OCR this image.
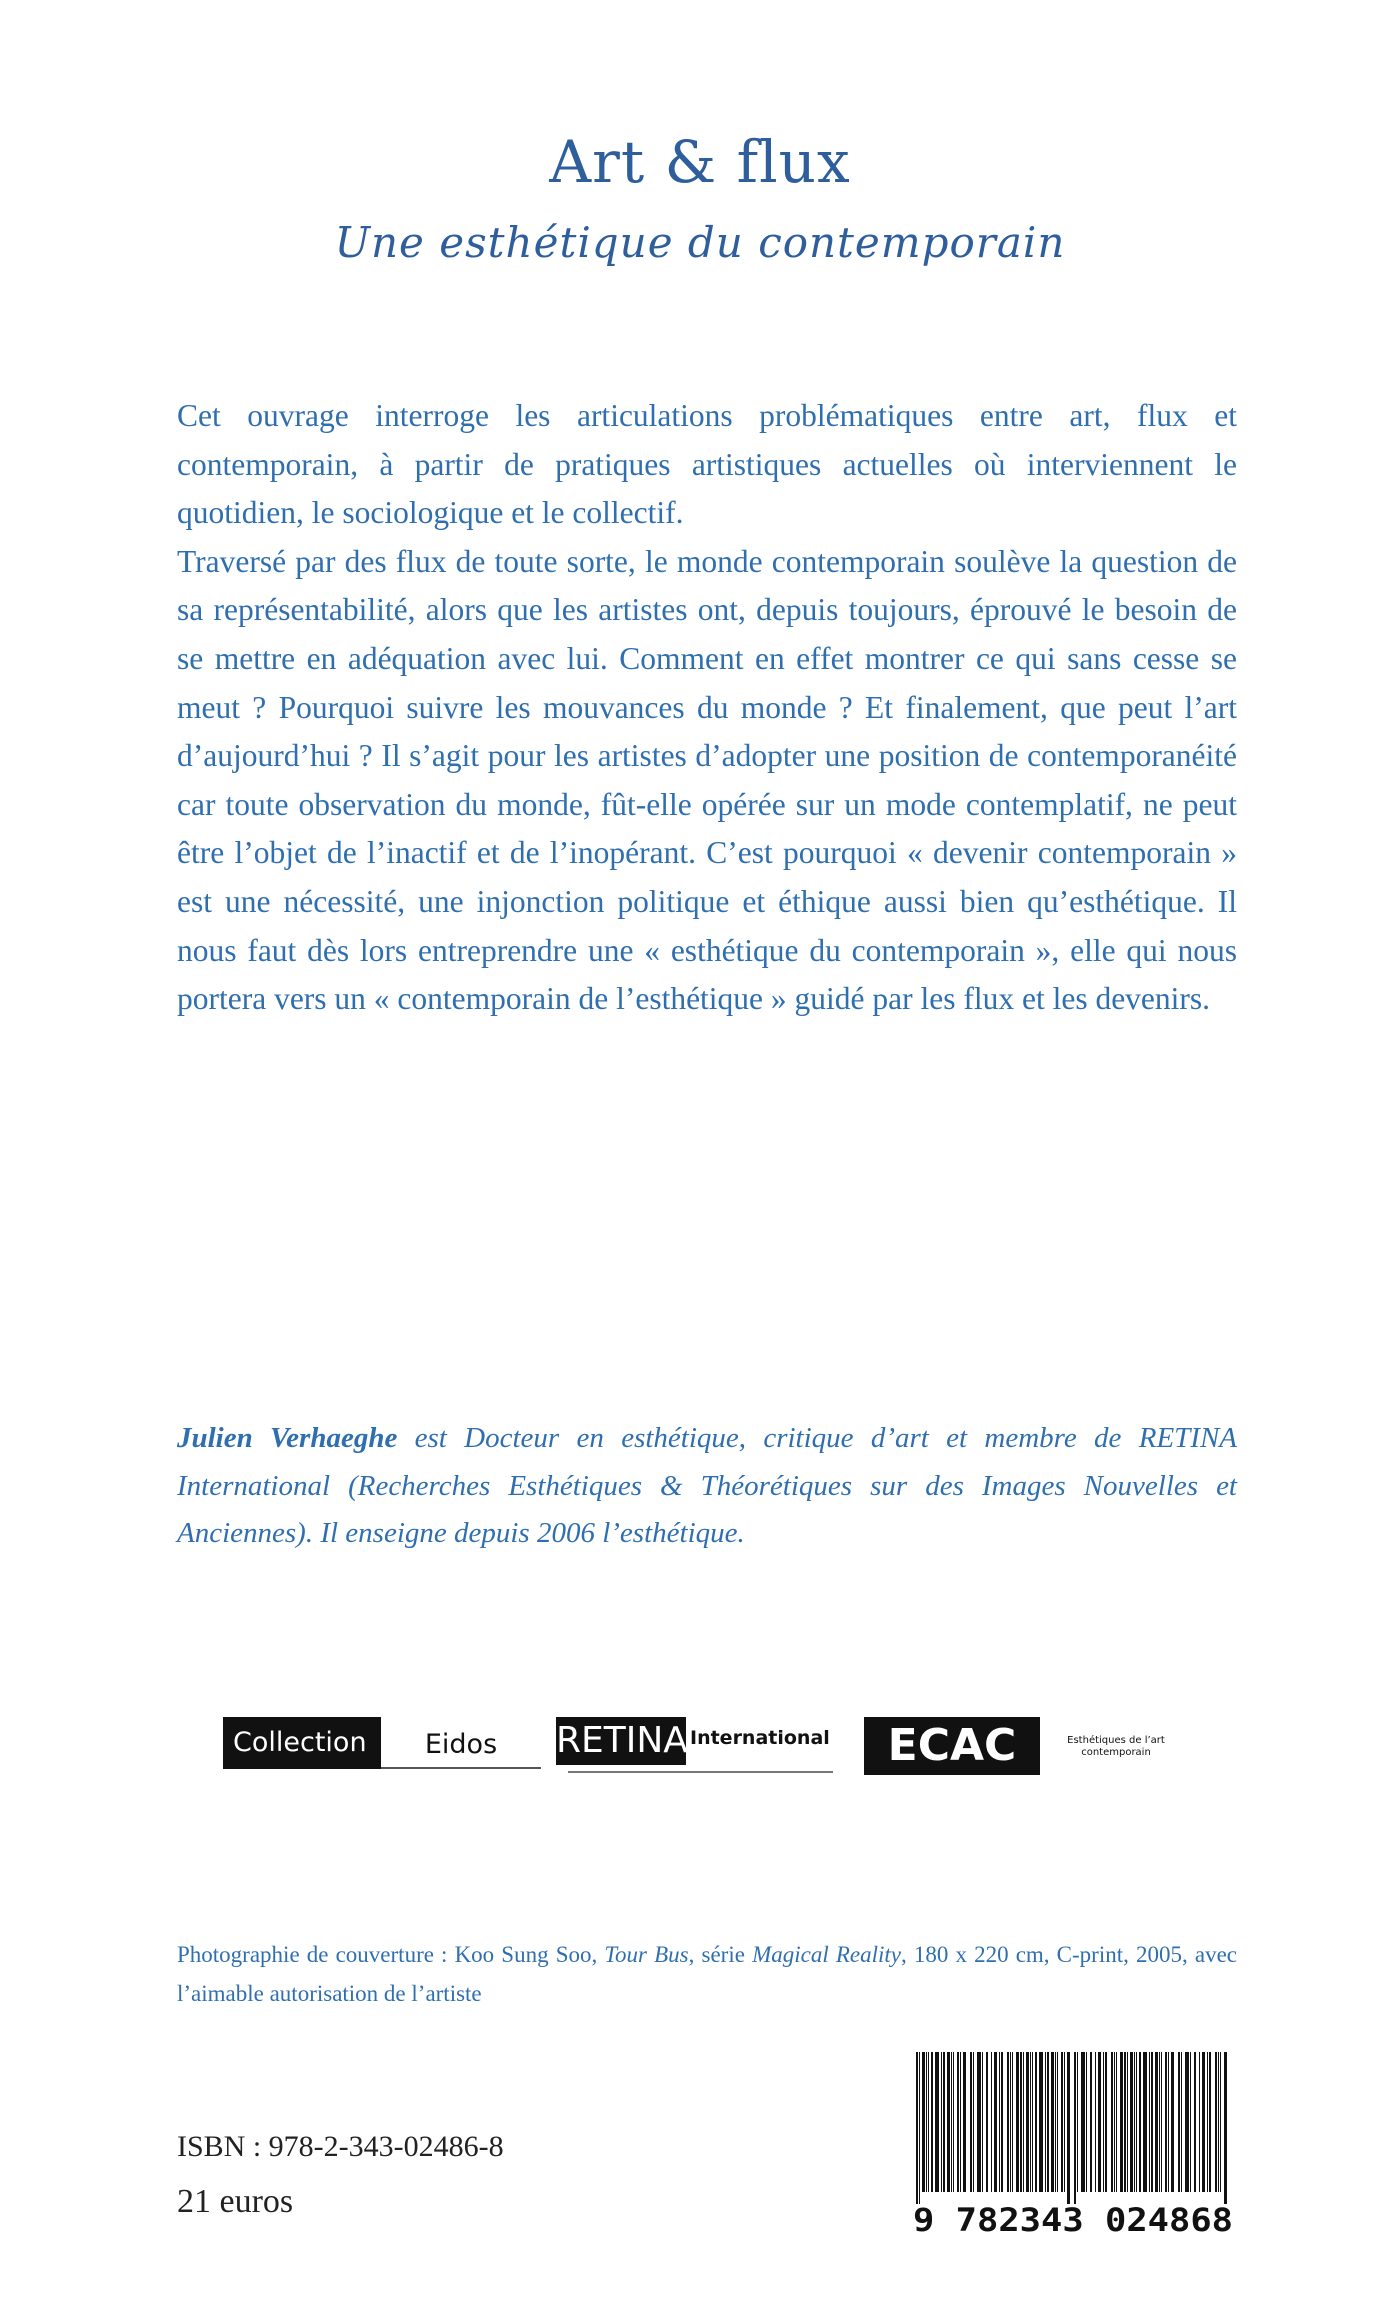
Art & flux
Une esthétique du contemporain

Cet ouvrage interroge les articulations problématiques entre art, flux et contemporain, à partir de pratiques artistiques actuelles où interviennent le quotidien, le sociologique et le collectif.

Traversé par des flux de toute sorte, le monde contemporain soulève la question de sa représentabilité, alors que les artistes ont, depuis toujours, éprouvé le besoin de se mettre en adéquation avec lui. Comment en effet montrer ce qui sans cesse se meut ? Pourquoi suivre les mouvances du monde ? Et finalement, que peut l’art d’aujourd’hui ? Il s’agit pour les artistes d’adopter une position de contemporanéité car toute observation du monde, fût-elle opérée sur un mode contemplatif, ne peut être l’objet de l’inactif et de l’inopérant. C’est pourquoi « devenir contemporain » est une nécessité, une injonction politique et éthique aussi bien qu’esthétique. Il nous faut dès lors entreprendre une « esthétique du contemporain », elle qui nous portera vers un « contemporain de l’esthétique » guidé par les flux et les devenirs.

Julien Verhaeghe est Docteur en esthétique, critique d’art et membre de RETINA International (Recherches Esthétiques & Théorétiques sur des Images Nouvelles et Anciennes). Il enseigne depuis 2006 l’esthétique.
Collection	Eidos	RETINA International	ECAC	Esthétiques de l’art contemporain
Photographie de couverture : Koo Sung Soo, Tour Bus, série Magical Reality, 180 x 220 cm, C-print, 2005, avec l’aimable autorisation de l’artiste
ISBN : 978-2-343-02486-8
21 euros	9 782343 024868
